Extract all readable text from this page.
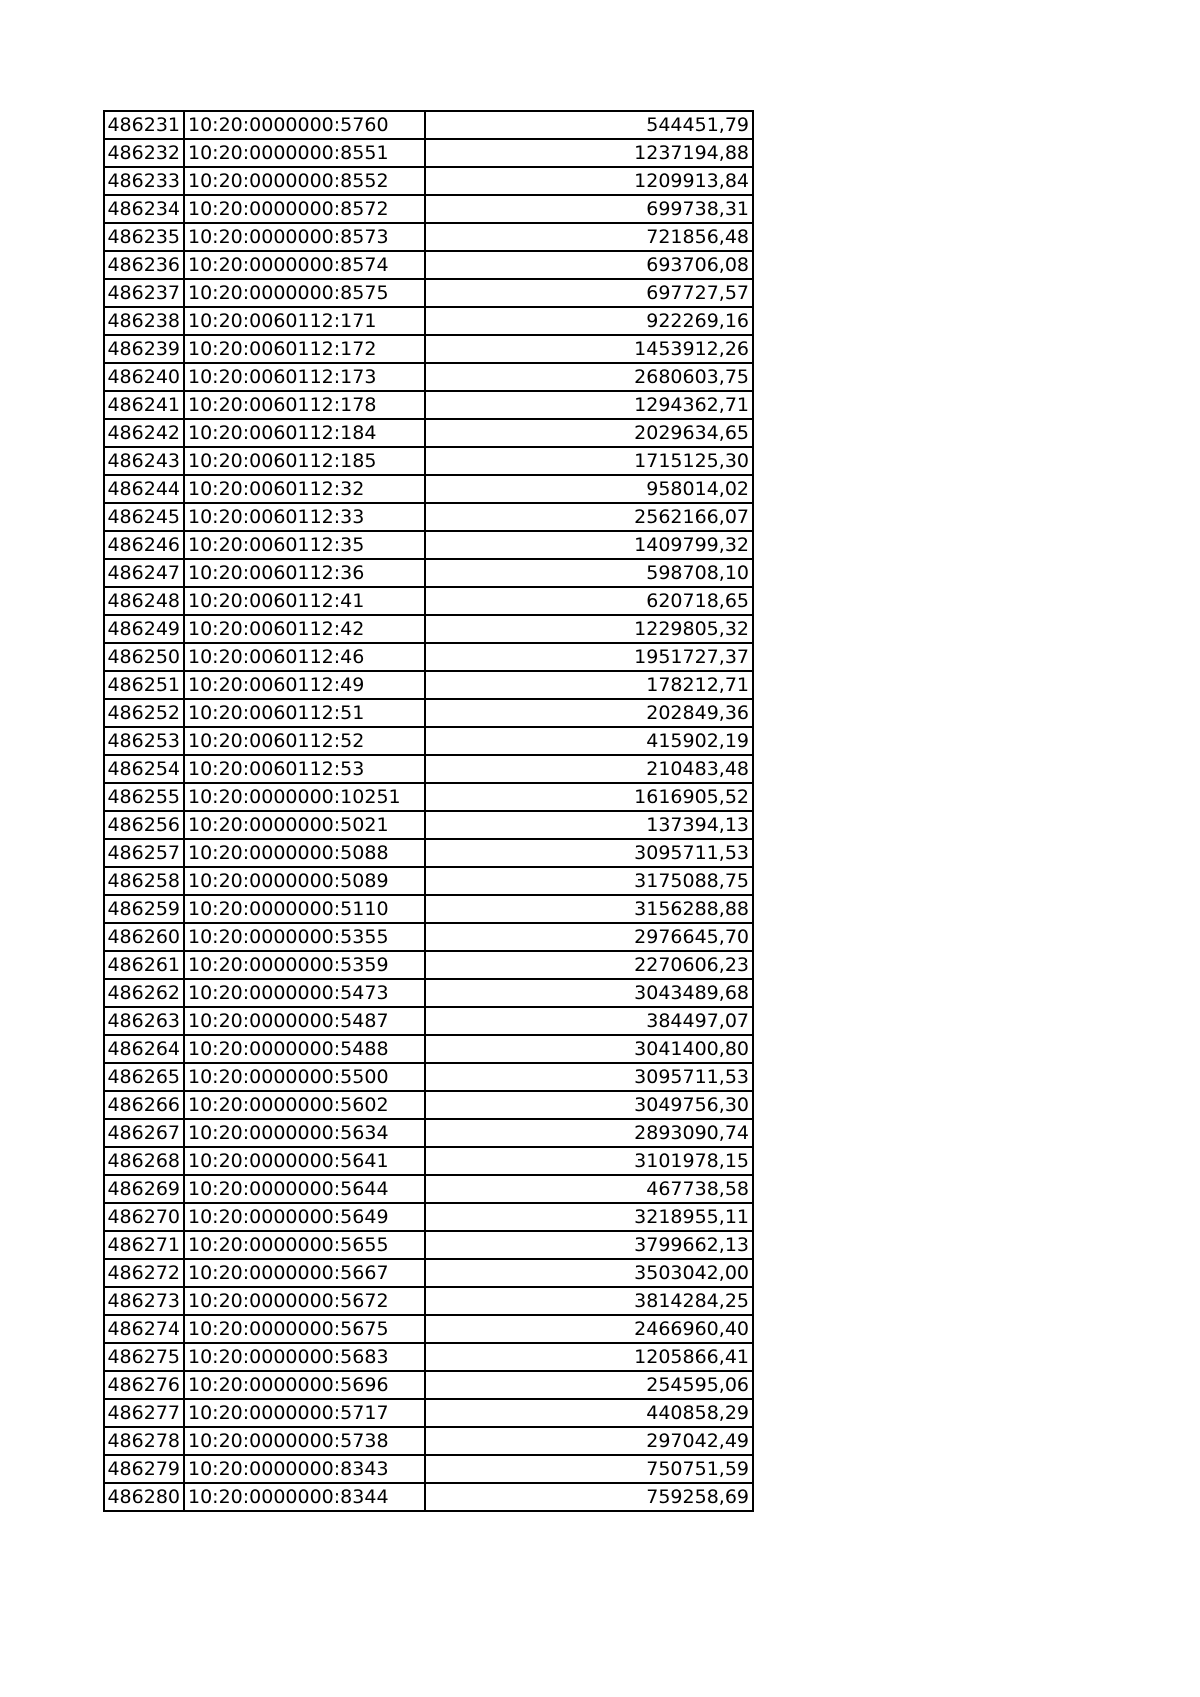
486231	10:20:0000000:5760	544451,79
486232	10:20:0000000:8551	1237194,88
486233	10:20:0000000:8552	1209913,84
486234	10:20:0000000:8572	699738,31
486235	10:20:0000000:8573	721856,48
486236	10:20:0000000:8574	693706,08
486237	10:20:0000000:8575	697727,57
486238	10:20:0060112:171	922269,16
486239	10:20:0060112:172	1453912,26
486240	10:20:0060112:173	2680603,75
486241	10:20:0060112:178	1294362,71
486242	10:20:0060112:184	2029634,65
486243	10:20:0060112:185	1715125,30
486244	10:20:0060112:32	958014,02
486245	10:20:0060112:33	2562166,07
486246	10:20:0060112:35	1409799,32
486247	10:20:0060112:36	598708,10
486248	10:20:0060112:41	620718,65
486249	10:20:0060112:42	1229805,32
486250	10:20:0060112:46	1951727,37
486251	10:20:0060112:49	178212,71
486252	10:20:0060112:51	202849,36
486253	10:20:0060112:52	415902,19
486254	10:20:0060112:53	210483,48
486255	10:20:0000000:10251	1616905,52
486256	10:20:0000000:5021	137394,13
486257	10:20:0000000:5088	3095711,53
486258	10:20:0000000:5089	3175088,75
486259	10:20:0000000:5110	3156288,88
486260	10:20:0000000:5355	2976645,70
486261	10:20:0000000:5359	2270606,23
486262	10:20:0000000:5473	3043489,68
486263	10:20:0000000:5487	384497,07
486264	10:20:0000000:5488	3041400,80
486265	10:20:0000000:5500	3095711,53
486266	10:20:0000000:5602	3049756,30
486267	10:20:0000000:5634	2893090,74
486268	10:20:0000000:5641	3101978,15
486269	10:20:0000000:5644	467738,58
486270	10:20:0000000:5649	3218955,11
486271	10:20:0000000:5655	3799662,13
486272	10:20:0000000:5667	3503042,00
486273	10:20:0000000:5672	3814284,25
486274	10:20:0000000:5675	2466960,40
486275	10:20:0000000:5683	1205866,41
486276	10:20:0000000:5696	254595,06
486277	10:20:0000000:5717	440858,29
486278	10:20:0000000:5738	297042,49
486279	10:20:0000000:8343	750751,59
486280	10:20:0000000:8344	759258,69
